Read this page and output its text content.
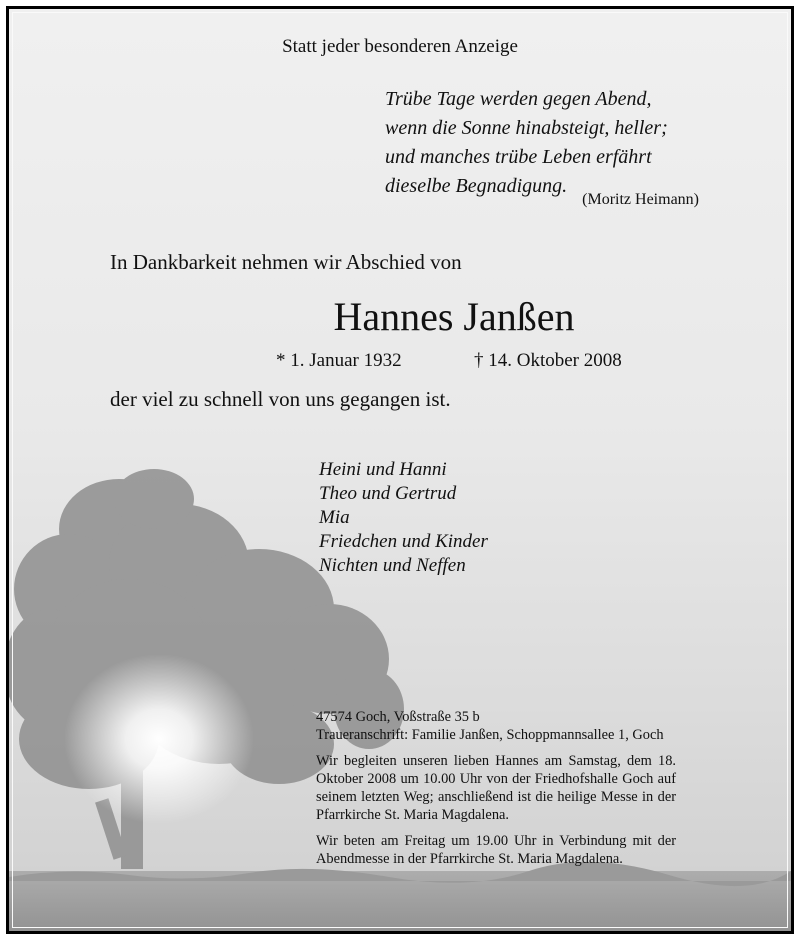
Statt jeder besonderen Anzeige
Trübe Tage werden gegen Abend,
wenn die Sonne hinabsteigt, heller;
und manches trübe Leben erfährt
dieselbe Begnadigung.
(Moritz Heimann)
In Dankbarkeit nehmen wir Abschied von
Hannes Janßen
* 1. Januar 1932	† 14. Oktober 2008
der viel zu schnell von uns gegangen ist.
Heini und Hanni
Theo und Gertrud
Mia
Friedchen und Kinder
Nichten und Neffen

47574 Goch, Voßstraße 35 b

Traueranschrift: Familie Janßen, Schoppmannsallee 1, Goch

Wir begleiten unseren lieben Hannes am Samstag, dem 18. Oktober 2008 um 10.00 Uhr von der Friedhofshalle Goch auf seinem letzten Weg; anschließend ist die heilige Messe in der Pfarrkirche St. Maria Magdalena.

Wir beten am Freitag um 19.00 Uhr in Verbindung mit der Abendmesse in der Pfarrkirche St. Maria Magdalena.
